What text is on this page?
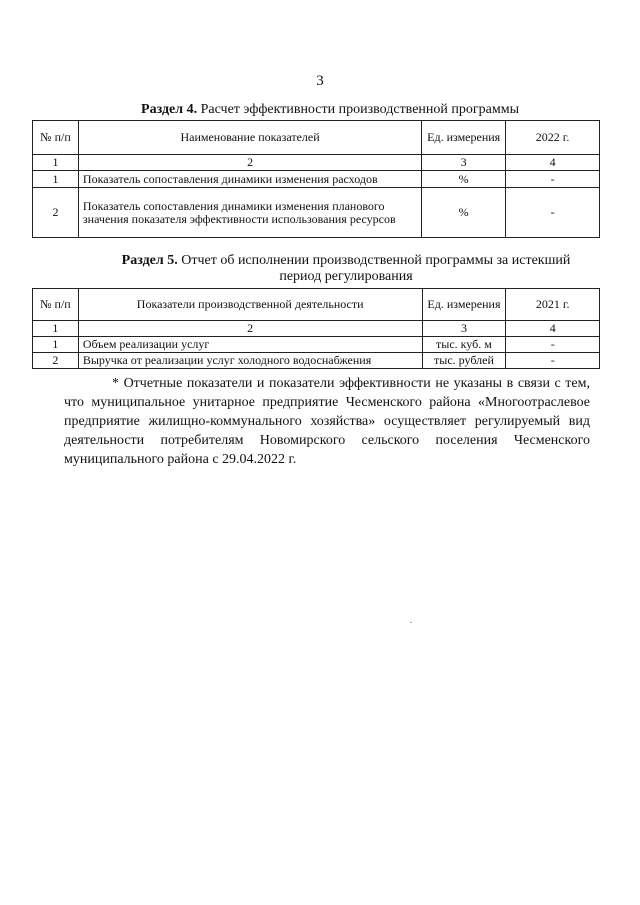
3
Раздел 4. Расчет эффективности производственной программы
№ п/п	Наименование показателей	Ед. измерения	2022 г.
1	2	3	4
1	Показатель сопоставления динамики изменения расходов	%	-
2	Показатель сопоставления динамики изменения планового значения показателя эффективности использования ресурсов	%	-
Раздел 5. Отчет об исполнении производственной программы за истекший период регулирования
№ п/п	Показатели производственной деятельности	Ед. измерения	2021 г.
1	2	3	4
1	Объем реализации услуг	тыс. куб. м	-
2	Выручка от реализации услуг холодного водоснабжения	тыс. рублей	-
* Отчетные показатели и показатели эффективности не указаны в связи с тем, что муниципальное унитарное предприятие Чесменского района «Многоотраслевое предприятие жилищно-коммунального хозяйства» осуществляет регулируемый вид деятельности потребителям Новомирского сельского поселения Чесменского муниципального района с 29.04.2022 г.
